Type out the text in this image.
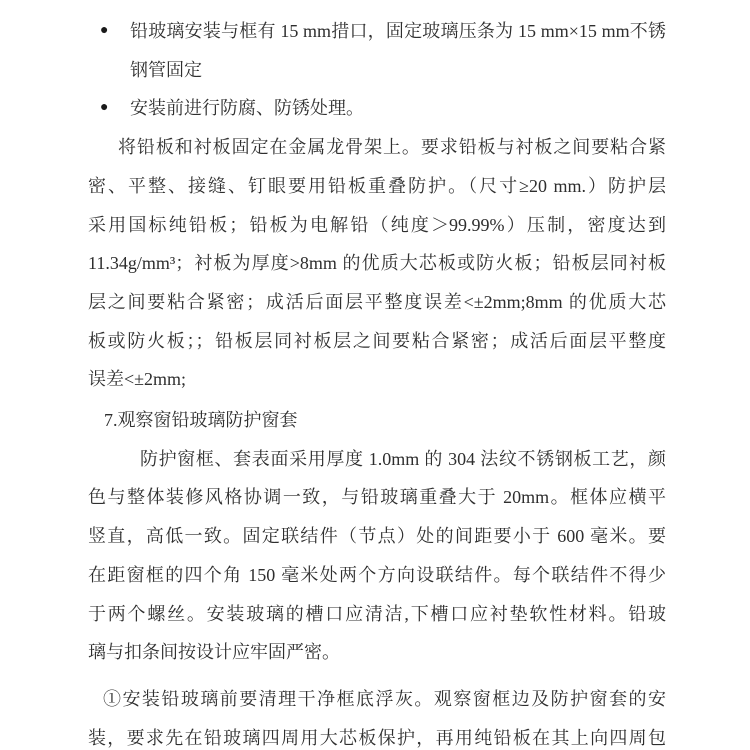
● 铅玻璃安装与框有 15 mm措口，固定玻璃压条为 15 mm×15 mm不锈
钢管固定
● 安装前进行防腐、防锈处理。
将铅板和衬板固定在金属龙骨架上。要求铅板与衬板之间要粘合紧
密、平整、接缝、钉眼要用铅板重叠防护。（尺寸≥20 mm.）防护层
采用国标纯铅板；铅板为电解铅（纯度＞99.99%）压制，密度达到
11.34g/mm³；衬板为厚度>8mm 的优质大芯板或防火板；铅板层同衬板
层之间要粘合紧密；成活后面层平整度误差<±2mm;8mm 的优质大芯
板或防火板；；铅板层同衬板层之间要粘合紧密；成活后面层平整度
误差<±2mm;
7.观察窗铅玻璃防护窗套
防护窗框、套表面采用厚度 1.0mm 的 304 法纹不锈钢板工艺，颜
色与整体装修风格协调一致，与铅玻璃重叠大于 20mm。框体应横平
竖直，高低一致。固定联结件（节点）处的间距要小于 600 毫米。要
在距窗框的四个角 150 毫米处两个方向设联结件。每个联结件不得少
于两个螺丝。安装玻璃的槽口应清洁,下槽口应衬垫软性材料。铅玻
璃与扣条间按设计应牢固严密。
①安装铅玻璃前要清理干净框底浮灰。观察窗框边及防护窗套的安
装，要求先在铅玻璃四周用大芯板保护，再用纯铅板在其上向四周包
